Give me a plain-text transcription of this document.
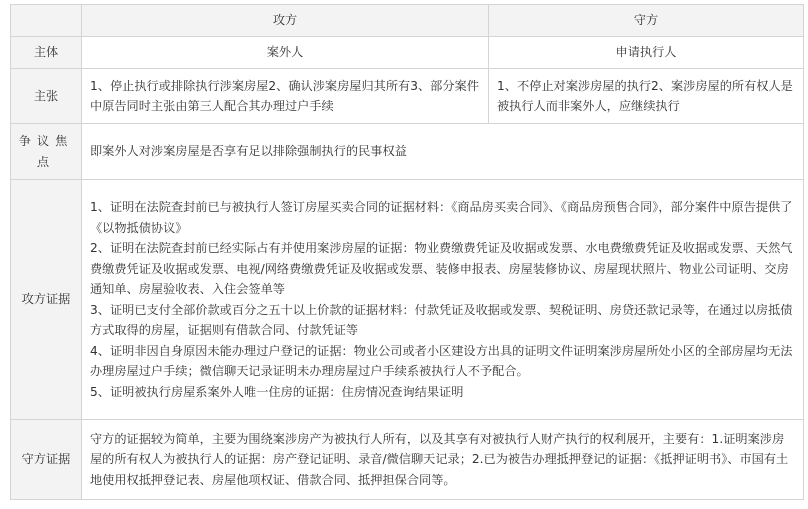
	攻方	守方
主体	案外人	申请执行人
主张	1、停止执行或排除执行涉案房屋2、确认涉案房屋归其所有3、部分案件中原告同时主张由第三人配合其办理过户手续	1、不停止对案涉房屋的执行2、案涉房屋的所有权人是被执行人而非案外人，应继续执行
争议焦点	即案外人对涉案房屋是否享有足以排除强制执行的民事权益	
攻方证据	1、证明在法院查封前已与被执行人签订房屋买卖合同的证据材料：《商品房买卖合同》、《商品房预售合同》，部分案件中原告提供了《以物抵债协议》
2、证明在法院查封前已经实际占有并使用案涉房屋的证据：物业费缴费凭证及收据或发票、水电费缴费凭证及收据或发票、天然气费缴费凭证及收据或发票、电视/网络费缴费凭证及收据或发票、装修申报表、房屋装修协议、房屋现状照片、物业公司证明、交房通知单、房屋验收表、入住会签单等
3、证明已支付全部价款或百分之五十以上价款的证据材料：付款凭证及收据或发票、契税证明、房贷还款记录等，在通过以房抵债方式取得的房屋，证据则有借款合同、付款凭证等
4、证明非因自身原因未能办理过户登记的证据：物业公司或者小区建设方出具的证明文件证明案涉房屋所处小区的全部房屋均无法办理房屋过户手续；微信聊天记录证明未办理房屋过户手续系被执行人不予配合。
5、证明被执行房屋系案外人唯一住房的证据：住房情况查询结果证明	

守方证据	守方的证据较为简单，主要为围绕案涉房产为被执行人所有，以及其享有对被执行人财产执行的权利展开，主要有：1.证明案涉房屋的所有权人为被执行人的证据：房产登记证明、录音/微信聊天记录；2.已为被告办理抵押登记的证据：《抵押证明书》、市国有土地使用权抵押登记表、房屋他项权证、借款合同、抵押担保合同等。	
